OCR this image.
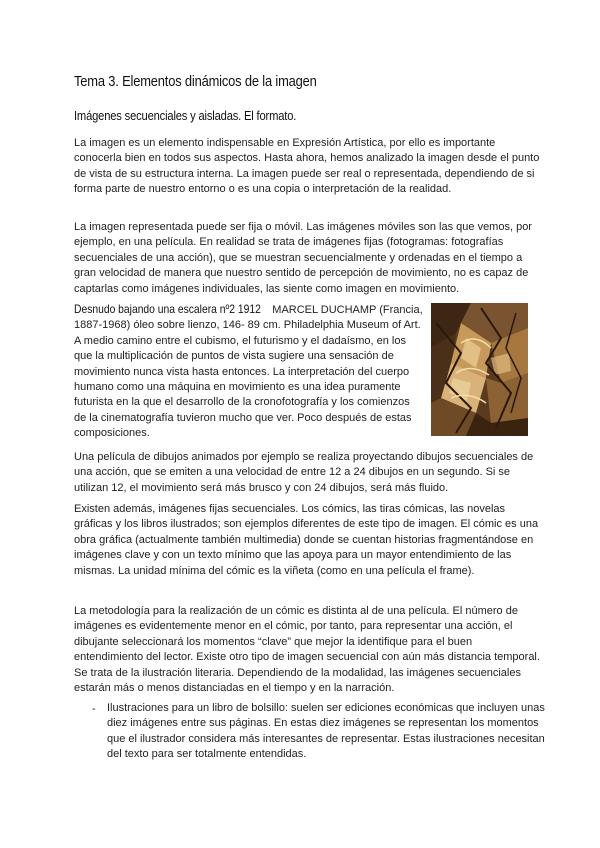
Tema 3. Elementos dinámicos de la imagen
Imágenes secuenciales y aisladas. El formato.

La imagen es un elemento indispensable en Expresión Artística, por ello es importante conocerla bien en todos sus aspectos. Hasta ahora, hemos analizado la imagen desde el punto de vista de su estructura interna. La imagen puede ser real o representada, dependiendo de si forma parte de nuestro entorno o es una copia o interpretación de la realidad.

La imagen representada puede ser fija o móvil. Las imágenes móviles son las que vemos, por ejemplo, en una película. En realidad se trata de imágenes fijas (fotogramas: fotografías secuenciales de una acción), que se muestran secuencialmente y ordenadas en el tiempo a gran velocidad de manera que nuestro sentido de percepción de movimiento, no es capaz de captarlas como imágenes individuales, las siente como imagen en movimiento.

Desnudo bajando una escalera nº2 1912 MARCEL DUCHAMP (Francia, 1887-1968) óleo sobre lienzo, 146- 89 cm. Philadelphia Museum of Art. A medio camino entre el cubismo, el futurismo y el dadaísmo, en los que la multiplicación de puntos de vista sugiere una sensación de movimiento nunca vista hasta entonces. La interpretación del cuerpo humano como una máquina en movimiento es una idea puramente futurista en la que el desarrollo de la cronofotografía y los comienzos de la cinematografía tuvieron mucho que ver. Poco después de estas composiciones.

Una película de dibujos animados por ejemplo se realiza proyectando dibujos secuenciales de una acción, que se emiten a una velocidad de entre 12 a 24 dibujos en un segundo. Si se utilizan 12, el movimiento será más brusco y con 24 dibujos, será más fluido.

Existen además, imágenes fijas secuenciales. Los cómics, las tiras cómicas, las novelas gráficas y los libros ilustrados; son ejemplos diferentes de este tipo de imagen. El cómic es una obra gráfica (actualmente también multimedia) donde se cuentan historias fragmentándose en imágenes clave y con un texto mínimo que las apoya para un mayor entendimiento de las mismas. La unidad mínima del cómic es la viñeta (como en una película el frame).

La metodología para la realización de un cómic es distinta al de una película. El número de imágenes es evidentemente menor en el cómic, por tanto, para representar una acción, el dibujante seleccionará los momentos “clave” que mejor la identifique para el buen entendimiento del lector. Existe otro tipo de imagen secuencial con aún más distancia temporal. Se trata de la ilustración literaria. Dependiendo de la modalidad, las imágenes secuenciales estarán más o menos distanciadas en el tiempo y en la narración.

- Ilustraciones para un libro de bolsillo: suelen ser ediciones económicas que incluyen unas diez imágenes entre sus páginas. En estas diez imágenes se representan los momentos que el ilustrador considera más interesantes de representar. Estas ilustraciones necesitan del texto para ser totalmente entendidas.
